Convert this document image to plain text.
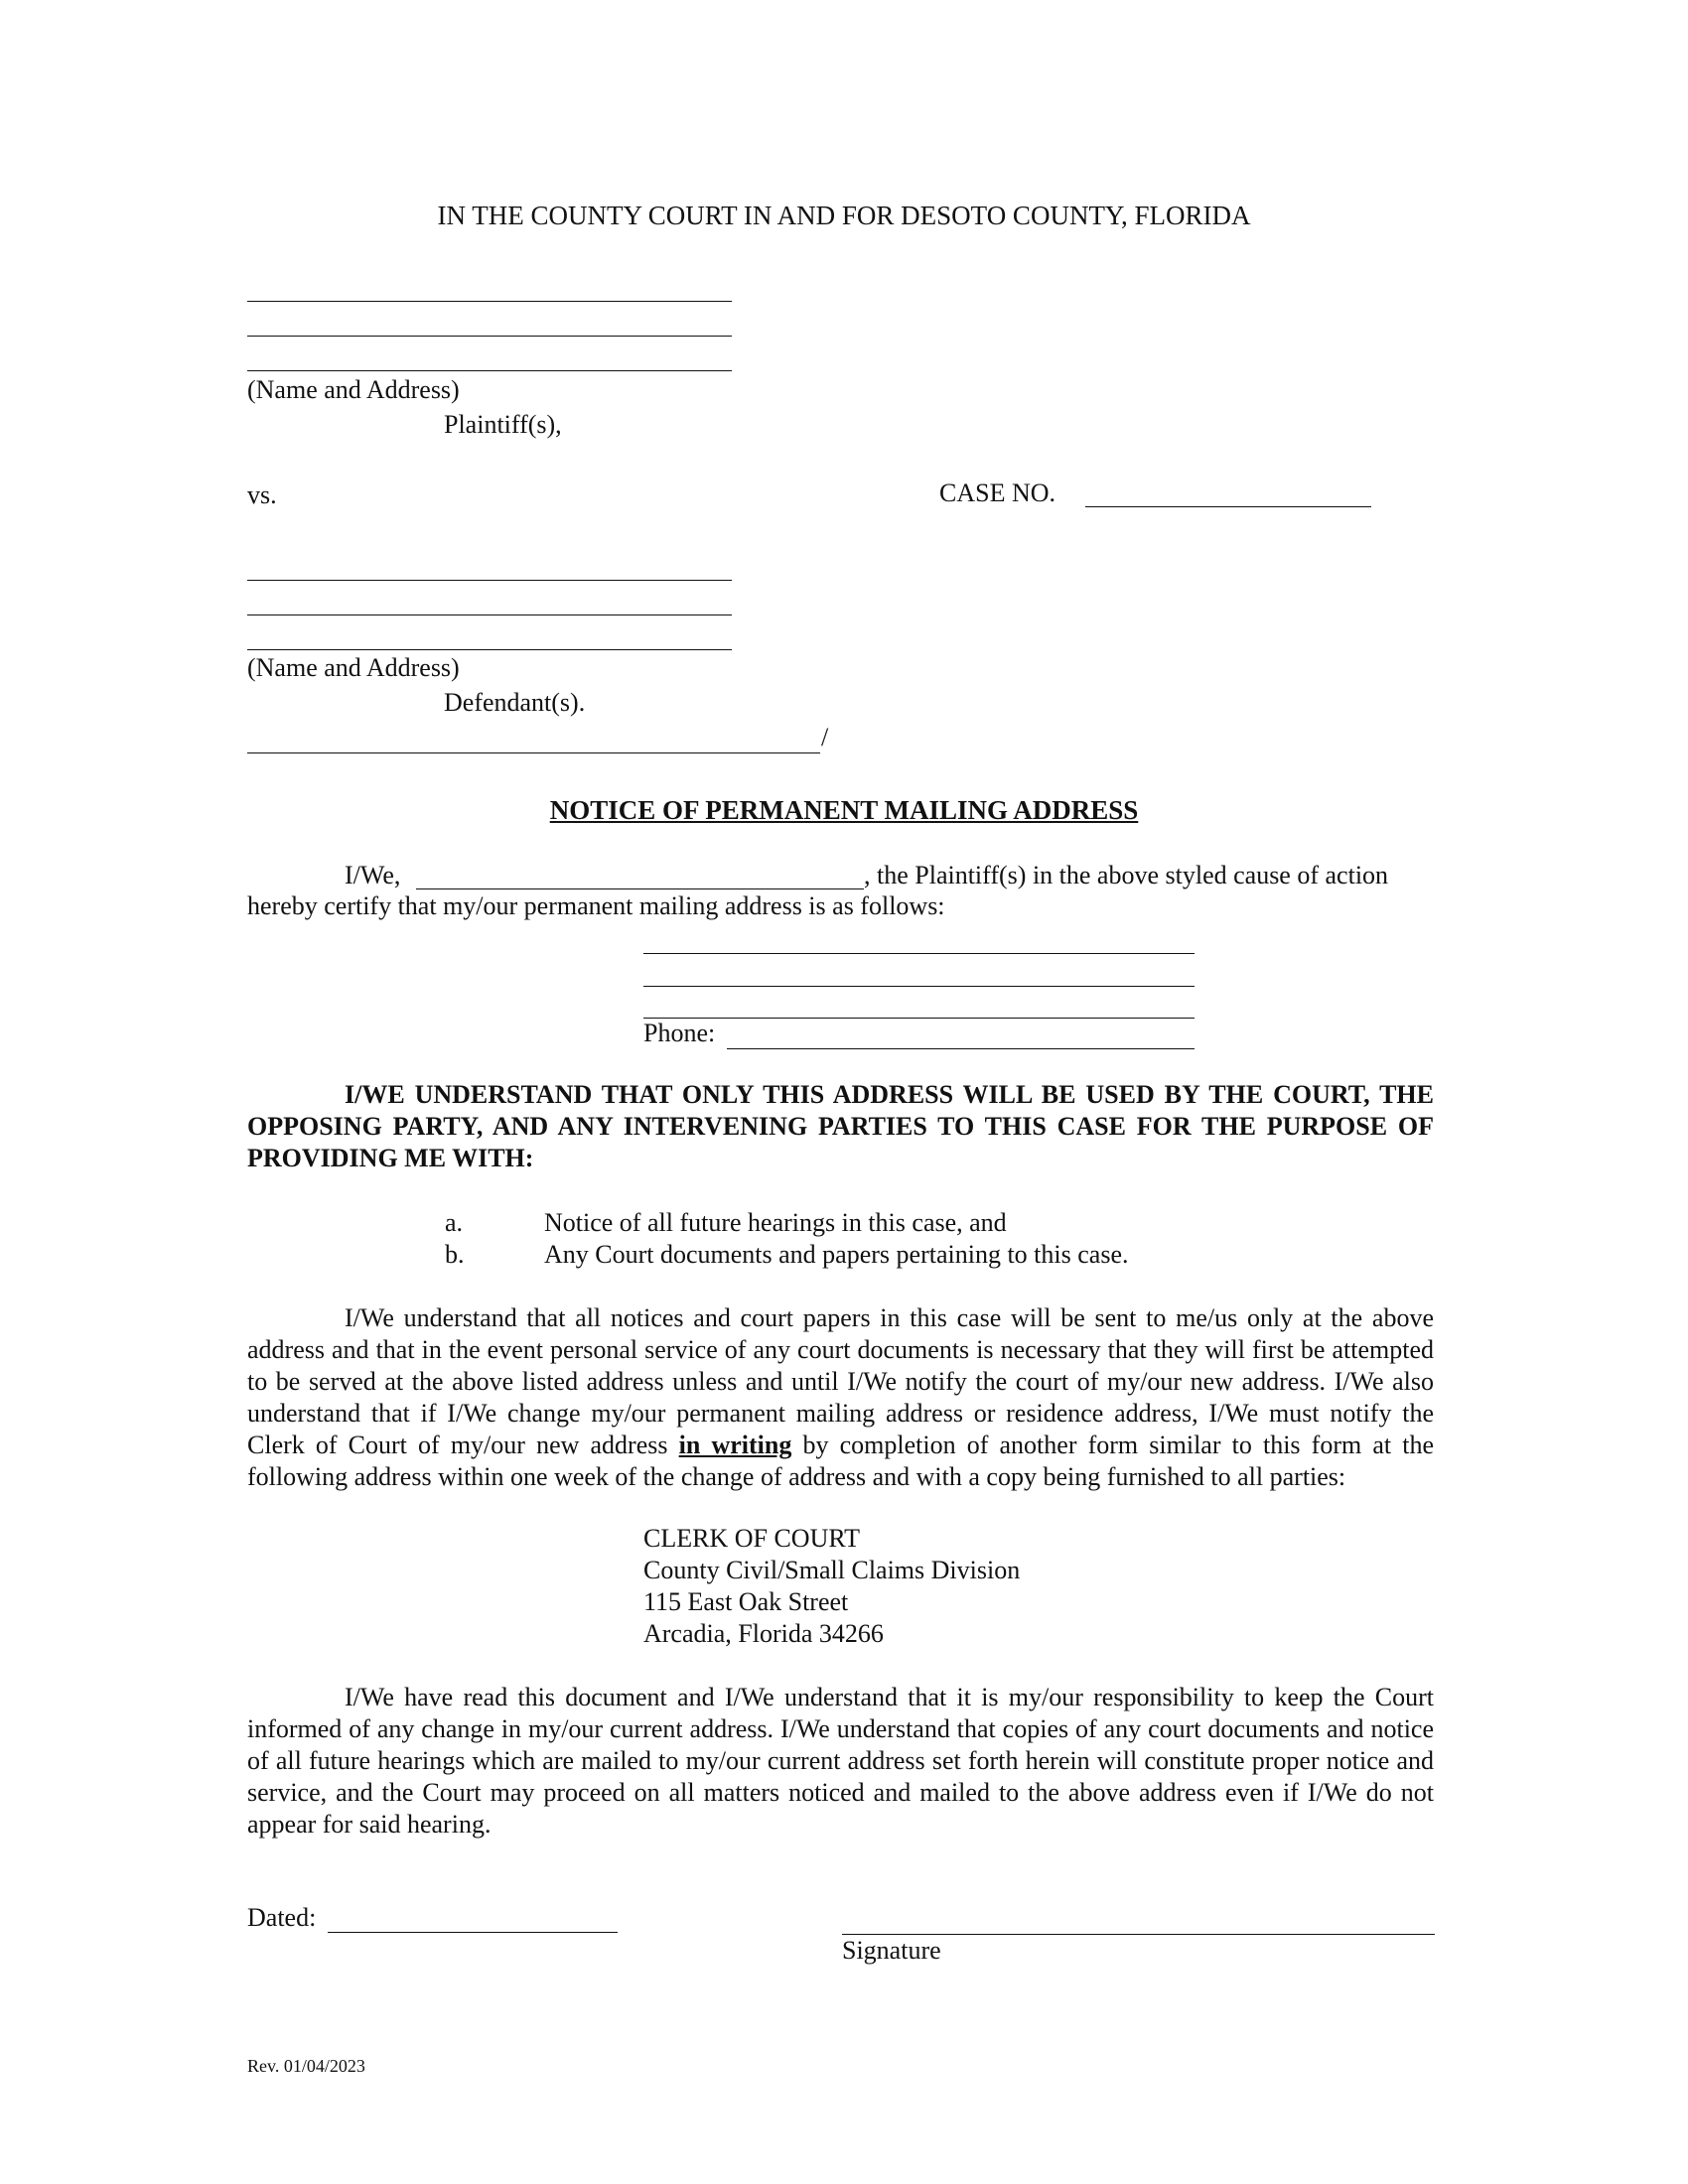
IN THE COUNTY COURT IN AND FOR DESOTO COUNTY, FLORIDA
(Name and Address)
Plaintiff(s),
vs.	CASE NO.
(Name and Address)
Defendant(s).
/
NOTICE OF PERMANENT MAILING ADDRESS
I/We,	, the Plaintiff(s) in the above styled cause of action
hereby certify that my/our permanent mailing address is as follows:
Phone:
I/WE UNDERSTAND THAT ONLY THIS ADDRESS WILL BE USED BY THE COURT, THE OPPOSING PARTY, AND ANY INTERVENING PARTIES TO THIS CASE FOR THE PURPOSE OF PROVIDING ME WITH:
a.	Notice of all future hearings in this case, and
b.	Any Court documents and papers pertaining to this case.
I/We understand that all notices and court papers in this case will be sent to me/us only at the above address and that in the event personal service of any court documents is necessary that they will first be attempted to be served at the above listed address unless and until I/We notify the court of my/our new address. I/We also understand that if I/We change my/our permanent mailing address or residence address, I/We must notify the Clerk of Court of my/our new address in writing by completion of another form similar to this form at the following address within one week of the change of address and with a copy being furnished to all parties:
CLERK OF COURT
County Civil/Small Claims Division
115 East Oak Street
Arcadia, Florida 34266
I/We have read this document and I/We understand that it is my/our responsibility to keep the Court informed of any change in my/our current address. I/We understand that copies of any court documents and notice of all future hearings which are mailed to my/our current address set forth herein will constitute proper notice and service, and the Court may proceed on all matters noticed and mailed to the above address even if I/We do not appear for said hearing.
Dated:
Signature
Rev. 01/04/2023
